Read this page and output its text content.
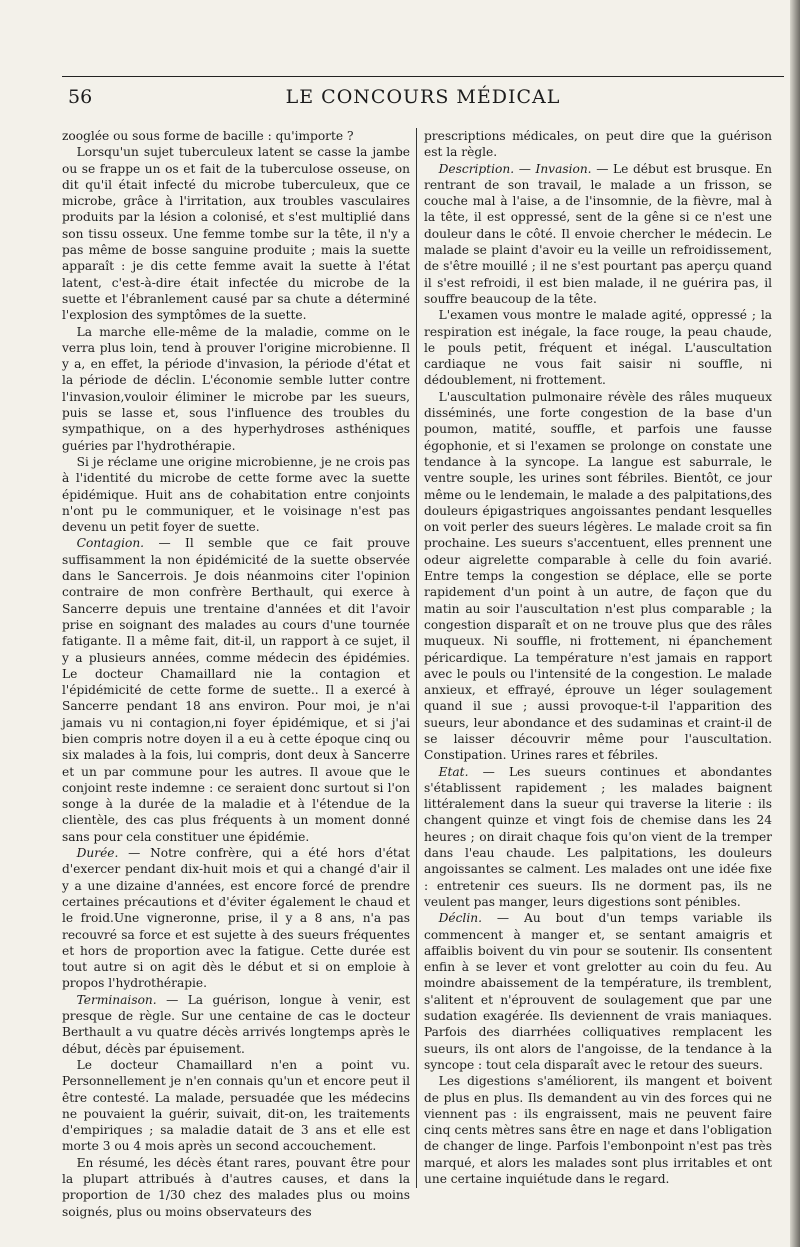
56	LE CONCOURS MÉDICAL

zooglée ou sous forme de bacille : qu'importe ?

Lorsqu'un sujet tuberculeux latent se casse la jambe ou se frappe un os et fait de la tuberculose osseuse, on dit qu'il était infecté du microbe tuberculeux, que ce microbe, grâce à l'irritation, aux troubles vasculaires produits par la lésion a colonisé, et s'est multiplié dans son tissu osseux. Une femme tombe sur la tête, il n'y a pas même de bosse sanguine produite ; mais la suette apparaît : je dis cette femme avait la suette à l'état latent, c'est-à-dire était infectée du microbe de la suette et l'ébranlement causé par sa chute a déterminé l'explosion des symptômes de la suette.

La marche elle-même de la maladie, comme on le verra plus loin, tend à prouver l'origine microbienne. Il y a, en effet, la période d'invasion, la période d'état et la période de déclin. L'économie semble lutter contre l'invasion,vouloir éliminer le microbe par les sueurs, puis se lasse et, sous l'influence des troubles du sympathique, on a des hyperhydroses asthéniques guéries par l'hydrothérapie.

Si je réclame une origine microbienne, je ne crois pas à l'identité du microbe de cette forme avec la suette épidémique. Huit ans de cohabitation entre conjoints n'ont pu le communiquer, et le voisinage n'est pas devenu un petit foyer de suette.

Contagion. — Il semble que ce fait prouve suffisamment la non épidémicité de la suette observée dans le Sancerrois. Je dois néanmoins citer l'opinion contraire de mon confrère Berthault, qui exerce à Sancerre depuis une trentaine d'années et dit l'avoir prise en soignant des malades au cours d'une tournée fatigante. Il a même fait, dit-il, un rapport à ce sujet, il y a plusieurs années, comme médecin des épidémies. Le docteur Chamaillard nie la contagion et l'épidémicité de cette forme de suette.. Il a exercé à Sancerre pendant 18 ans environ. Pour moi, je n'ai jamais vu ni contagion,ni foyer épidémique, et si j'ai bien compris notre doyen il a eu à cette époque cinq ou six malades à la fois, lui compris, dont deux à Sancerre et un par commune pour les autres. Il avoue que le conjoint reste indemne : ce seraient donc surtout si l'on songe à la durée de la maladie et à l'étendue de la clientèle, des cas plus fréquents à un moment donné sans pour cela constituer une épidémie.

Durée. — Notre confrère, qui a été hors d'état d'exercer pendant dix-huit mois et qui a changé d'air il y a une dizaine d'années, est encore forcé de prendre certaines précautions et d'éviter également le chaud et le froid.Une vigneronne, prise, il y a 8 ans, n'a pas recouvré sa force et est sujette à des sueurs fréquentes et hors de proportion avec la fatigue. Cette durée est tout autre si on agit dès le début et si on emploie à propos l'hydrothérapie.

Terminaison. — La guérison, longue à venir, est presque de règle. Sur une centaine de cas le docteur Berthault a vu quatre décès arrivés longtemps après le début, décès par épuisement.

Le docteur Chamaillard n'en a point vu. Personnellement je n'en connais qu'un et encore peut il être contesté. La malade, persuadée que les médecins ne pouvaient la guérir, suivait, dit-on, les traitements d'empiriques ; sa maladie datait de 3 ans et elle est morte 3 ou 4 mois après un second accouchement.

En résumé, les décès étant rares, pouvant être pour la plupart attribués à d'autres causes, et dans la proportion de 1/30 chez des malades plus ou moins soignés, plus ou moins observateurs des

prescriptions médicales, on peut dire que la guérison est la règle.

Description. — Invasion. — Le début est brusque. En rentrant de son travail, le malade a un frisson, se couche mal à l'aise, a de l'insomnie, de la fièvre, mal à la tête, il est oppressé, sent de la gêne si ce n'est une douleur dans le côté. Il envoie chercher le médecin. Le malade se plaint d'avoir eu la veille un refroidissement, de s'être mouillé ; il ne s'est pourtant pas aperçu quand il s'est refroidi, il est bien malade, il ne guérira pas, il souffre beaucoup de la tête.

L'examen vous montre le malade agité, oppressé ; la respiration est inégale, la face rouge, la peau chaude, le pouls petit, fréquent et inégal. L'auscultation cardiaque ne vous fait saisir ni souffle, ni dédoublement, ni frottement.

L'auscultation pulmonaire révèle des râles muqueux disséminés, une forte congestion de la base d'un poumon, matité, souffle, et parfois une fausse égophonie, et si l'examen se prolonge on constate une tendance à la syncope. La langue est saburrale, le ventre souple, les urines sont fébriles. Bientôt, ce jour même ou le lendemain, le malade a des palpitations,des douleurs épigastriques angoissantes pendant lesquelles on voit perler des sueurs légères. Le malade croit sa fin prochaine. Les sueurs s'accentuent, elles prennent une odeur aigrelette comparable à celle du foin avarié. Entre temps la congestion se déplace, elle se porte rapidement d'un point à un autre, de façon que du matin au soir l'auscultation n'est plus comparable ; la congestion disparaît et on ne trouve plus que des râles muqueux. Ni souffle, ni frottement, ni épanchement péricardique. La température n'est jamais en rapport avec le pouls ou l'intensité de la congestion. Le malade anxieux, et effrayé, éprouve un léger soulagement quand il sue ; aussi provoque-t-il l'apparition des sueurs, leur abondance et des sudaminas et craint-il de se laisser découvrir même pour l'auscultation. Constipation. Urines rares et fébriles.

Etat. — Les sueurs continues et abondantes s'établissent rapidement ; les malades baignent littéralement dans la sueur qui traverse la literie : ils changent quinze et vingt fois de chemise dans les 24 heures ; on dirait chaque fois qu'on vient de la tremper dans l'eau chaude. Les palpitations, les douleurs angoissantes se calment. Les malades ont une idée fixe : entretenir ces sueurs. Ils ne dorment pas, ils ne veulent pas manger, leurs digestions sont pénibles.

Déclin. — Au bout d'un temps variable ils commencent à manger et, se sentant amaigris et affaiblis boivent du vin pour se soutenir. Ils consentent enfin à se lever et vont grelotter au coin du feu. Au moindre abaissement de la température, ils tremblent, s'alitent et n'éprouvent de soulagement que par une sudation exagérée. Ils deviennent de vrais maniaques. Parfois des diarrhées colliquatives remplacent les sueurs, ils ont alors de l'angoisse, de la tendance à la syncope : tout cela disparaît avec le retour des sueurs.

Les digestions s'améliorent, ils mangent et boivent de plus en plus. Ils demandent au vin des forces qui ne viennent pas : ils engraissent, mais ne peuvent faire cinq cents mètres sans être en nage et dans l'obligation de changer de linge. Parfois l'embonpoint n'est pas très marqué, et alors les malades sont plus irritables et ont une certaine inquiétude dans le regard.
